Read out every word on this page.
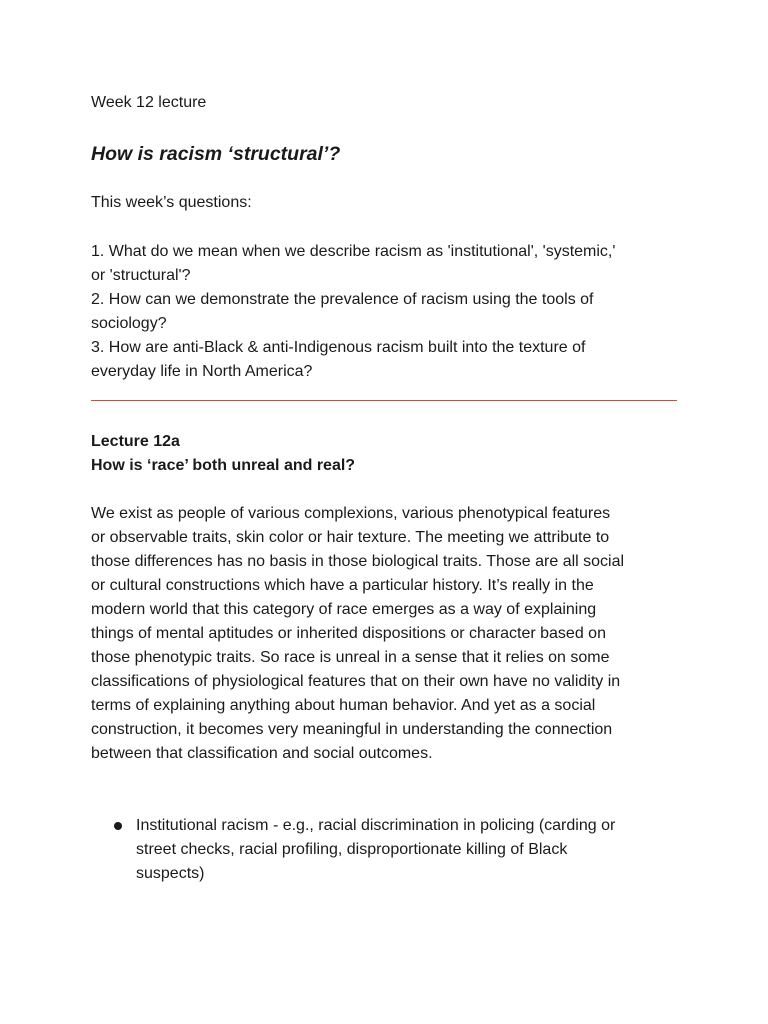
Week 12 lecture
How is racism ‘structural’?
This week’s questions:
1. What do we mean when we describe racism as 'institutional', 'systemic,'
or 'structural'?
2. How can we demonstrate the prevalence of racism using the tools of
sociology?
3. How are anti-Black & anti-Indigenous racism built into the texture of
everyday life in North America?
Lecture 12a
How is ‘race’ both unreal and real?

We exist as people of various complexions, various phenotypical features
or observable traits, skin color or hair texture. The meeting we attribute to
those differences has no basis in those biological traits. Those are all social
or cultural constructions which have a particular history. It’s really in the
modern world that this category of race emerges as a way of explaining
things of mental aptitudes or inherited dispositions or character based on
those phenotypic traits. So race is unreal in a sense that it relies on some
classifications of physiological features that on their own have no validity in
terms of explaining anything about human behavior. And yet as a social
construction, it becomes very meaningful in understanding the connection
between that classification and social outcomes.

Institutional racism - e.g., racial discrimination in policing (carding or
street checks, racial profiling, disproportionate killing of Black
suspects)
